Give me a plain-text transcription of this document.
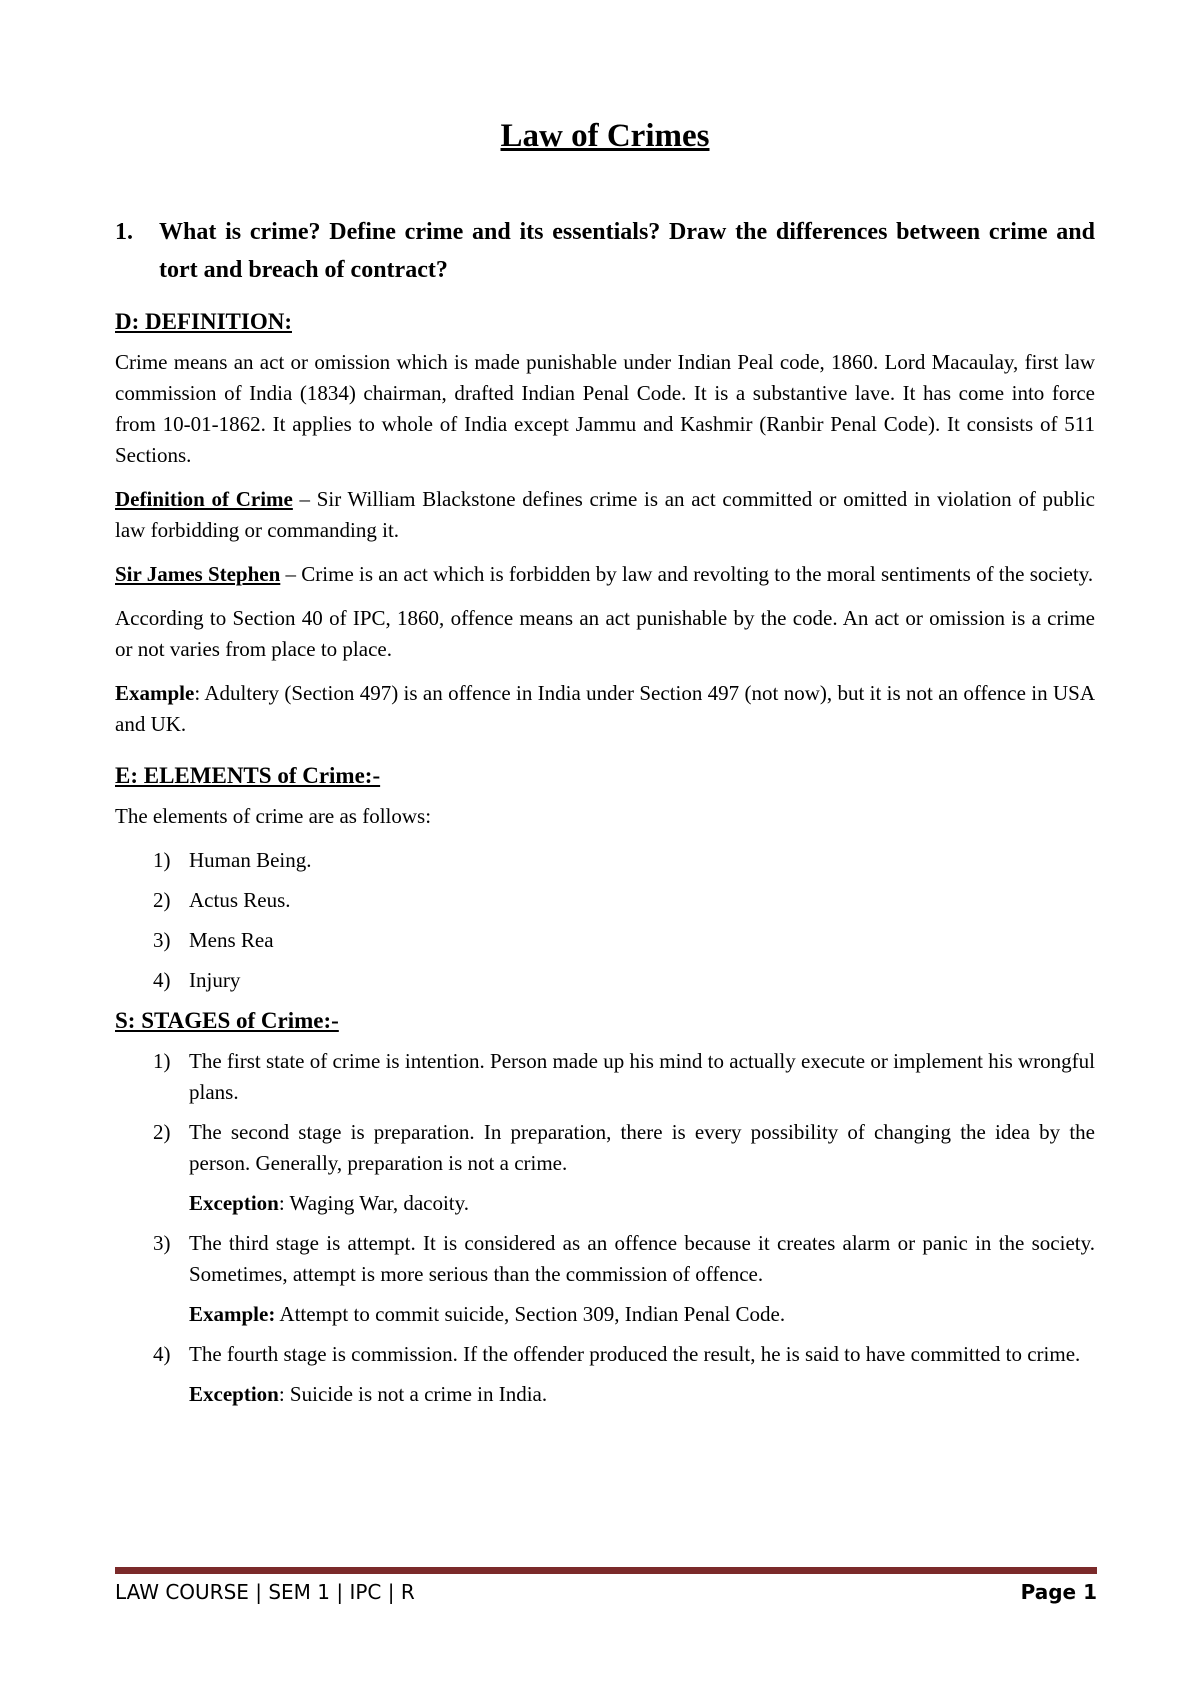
Law of Crimes
1.	What is crime? Define crime and its essentials? Draw the differences between crime and tort and breach of contract?
D: DEFINITION:

Crime means an act or omission which is made punishable under Indian Peal code, 1860. Lord Macaulay, first law commission of India (1834) chairman, drafted Indian Penal Code. It is a substantive lave. It has come into force from 10-01-1862. It applies to whole of India except Jammu and Kashmir (Ranbir Penal Code). It consists of 511 Sections.

Definition of Crime – Sir William Blackstone defines crime is an act committed or omitted in violation of public law forbidding or commanding it.

Sir James Stephen – Crime is an act which is forbidden by law and revolting to the moral sentiments of the society.

According to Section 40 of IPC, 1860, offence means an act punishable by the code. An act or omission is a crime or not varies from place to place.

Example: Adultery (Section 497) is an offence in India under Section 497 (not now), but it is not an offence in USA and UK.

E: ELEMENTS of Crime:-

The elements of crime are as follows:

1) Human Being.
2) Actus Reus.
3) Mens Rea
4) Injury
S: STAGES of Crime:-
1) The first state of crime is intention. Person made up his mind to actually execute or implement his wrongful plans.
2) The second stage is preparation. In preparation, there is every possibility of changing the idea by the person. Generally, preparation is not a crime.
Exception: Waging War, dacoity.
3) The third stage is attempt. It is considered as an offence because it creates alarm or panic in the society. Sometimes, attempt is more serious than the commission of offence.
Example: Attempt to commit suicide, Section 309, Indian Penal Code.
4) The fourth stage is commission. If the offender produced the result, he is said to have committed to crime.
Exception: Suicide is not a crime in India.
LAW COURSE | SEM 1 | IPC | R	Page 1
